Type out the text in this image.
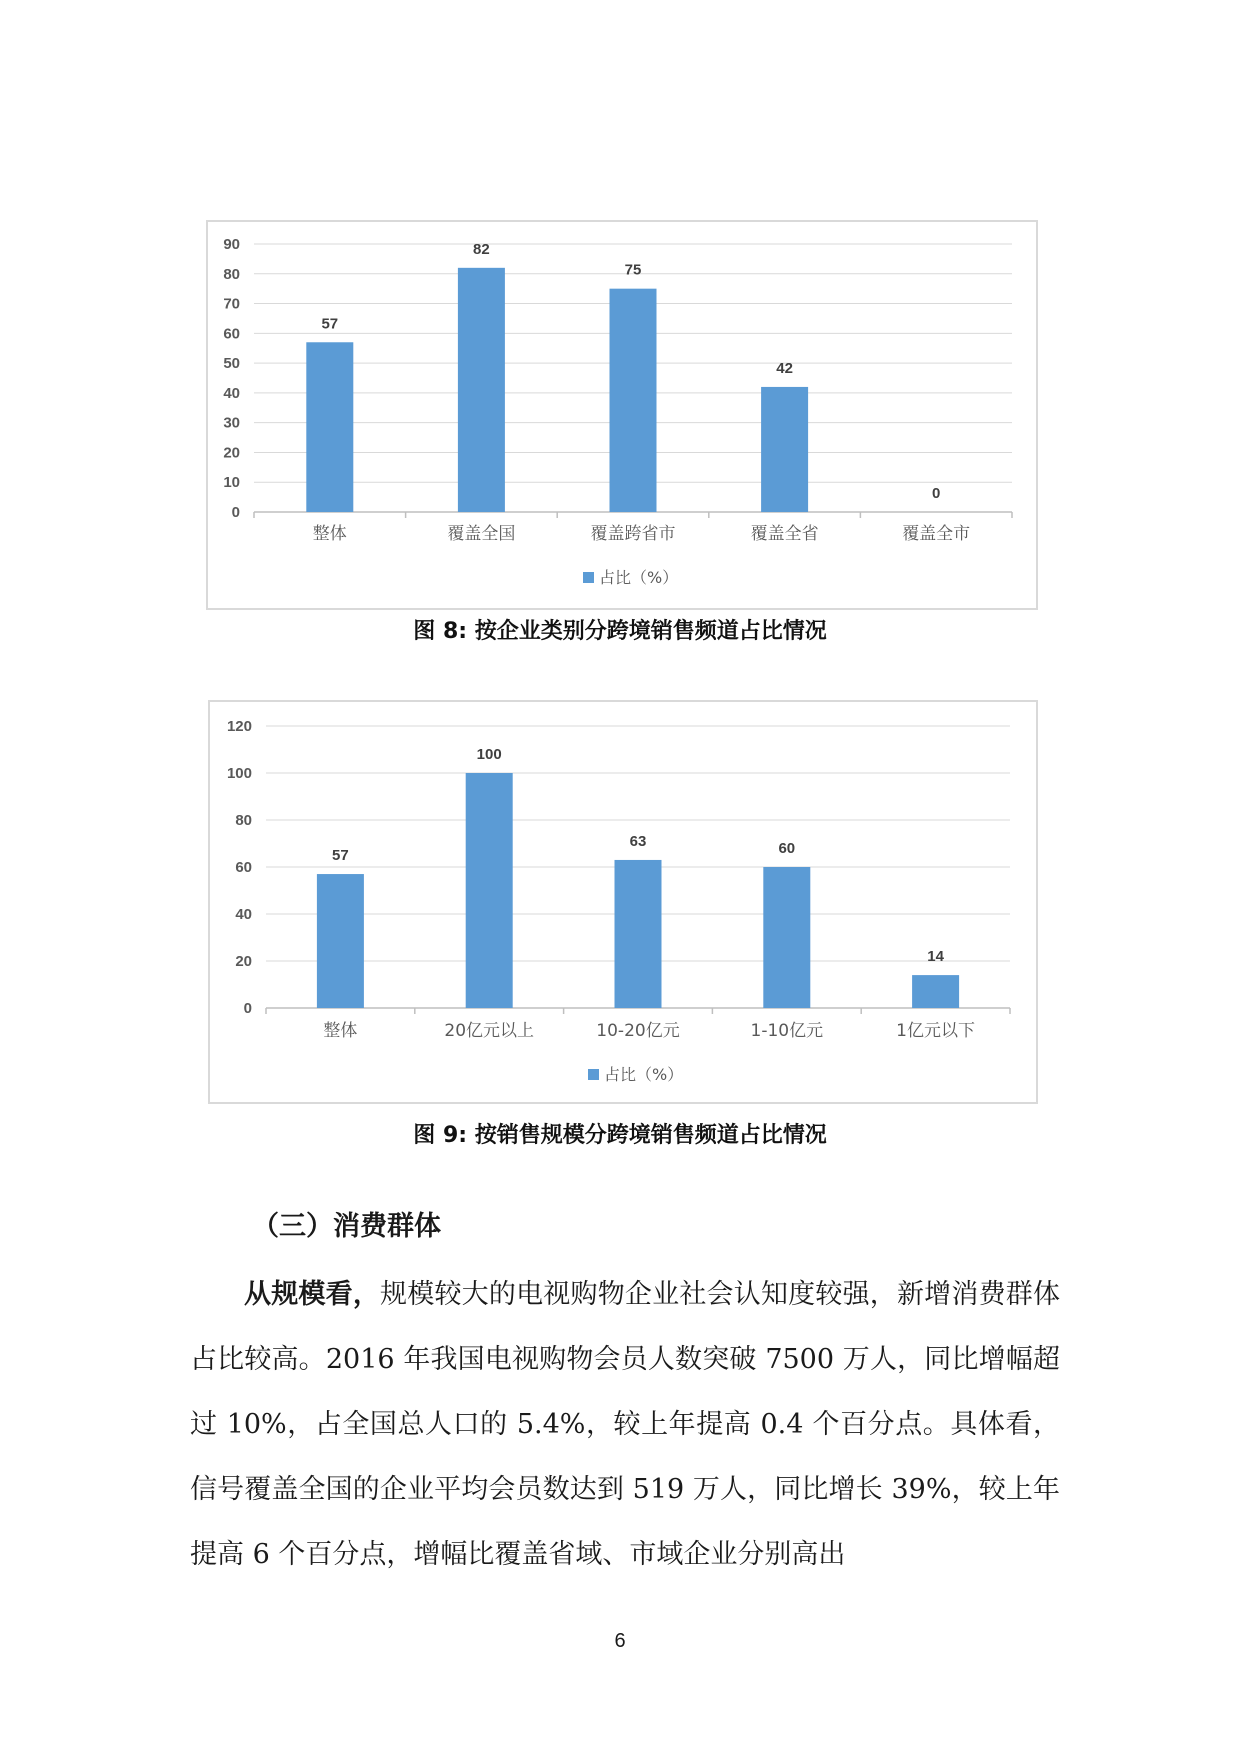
0
10
20
30
40
50
60
70
80
90
57
整体
82
覆盖全国
75
覆盖跨省市
42
覆盖全省
0
覆盖全市
占比（%）
图 8: 按企业类别分跨境销售频道占比情况
0
20
40
60
80
100
120
57
整体
100
20亿元以上
63
10-20亿元
60
1-10亿元
14
1亿元以下
占比（%）
图 9: 按销售规模分跨境销售频道占比情况
（三）消费群体

从规模看，规模较大的电视购物企业社会认知度较强，新增消费群体占比较高。2016 年我国电视购物会员人数突破 7500 万人，同比增幅超过 10%，占全国总人口的 5.4%，较上年提高 0.4 个百分点。具体看，信号覆盖全国的企业平均会员数达到 519 万人，同比增长 39%，较上年提高 6 个百分点，增幅比覆盖省域、市域企业分别高出

6
